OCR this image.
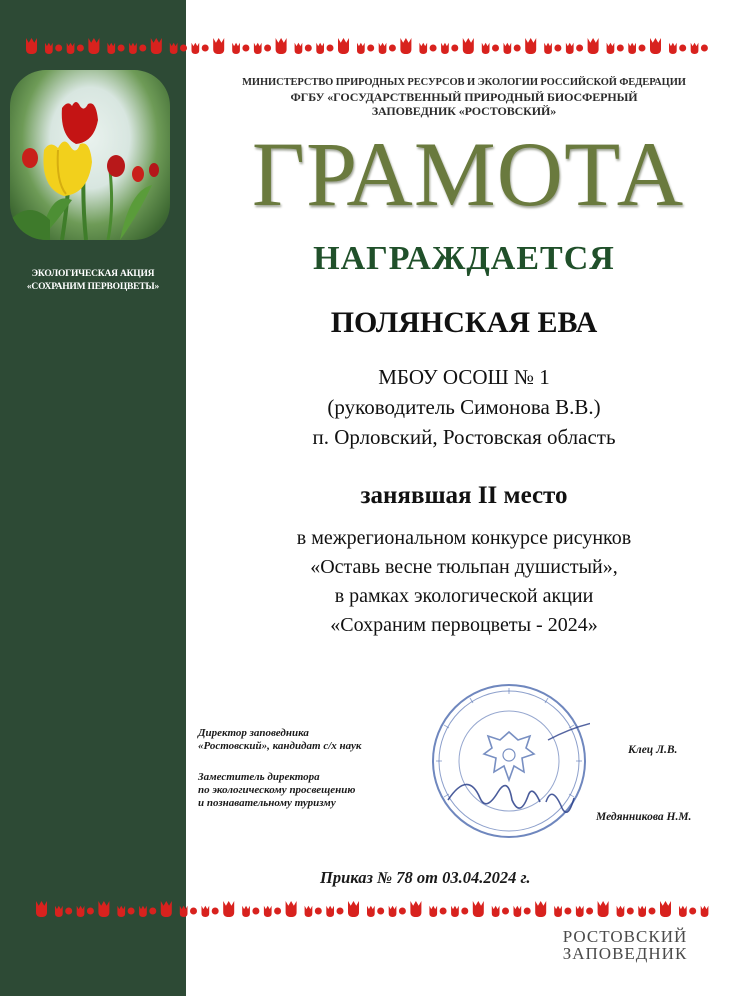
ЭКОЛОГИЧЕСКАЯ АКЦИЯ
«СОХРАНИМ ПЕРВОЦВЕТЫ»
МИНИСТЕРСТВО ПРИРОДНЫХ РЕСУРСОВ И ЭКОЛОГИИ РОССИЙСКОЙ ФЕДЕРАЦИИ
ФГБУ «ГОСУДАРСТВЕННЫЙ ПРИРОДНЫЙ БИОСФЕРНЫЙ
ЗАПОВЕДНИК «РОСТОВСКИЙ»
ГРАМОТА
НАГРАЖДАЕТСЯ
ПОЛЯНСКАЯ ЕВА
МБОУ ОСОШ № 1
(руководитель Симонова В.В.)
п. Орловский, Ростовская область
занявшая II место
в межрегиональном конкурсе рисунков
«Оставь весне тюльпан душистый»,
в рамках экологической акции
«Сохраним первоцветы - 2024»
Директор заповедника
«Ростовский», кандидат с/х наук	Клец Л.В.
Заместитель директора
по экологическому просвещению
и познавательному туризму
Медянникова Н.М.
Приказ № 78 от 03.04.2024 г.
РОСТОВСКИЙ
ЗАПОВЕДНИК
